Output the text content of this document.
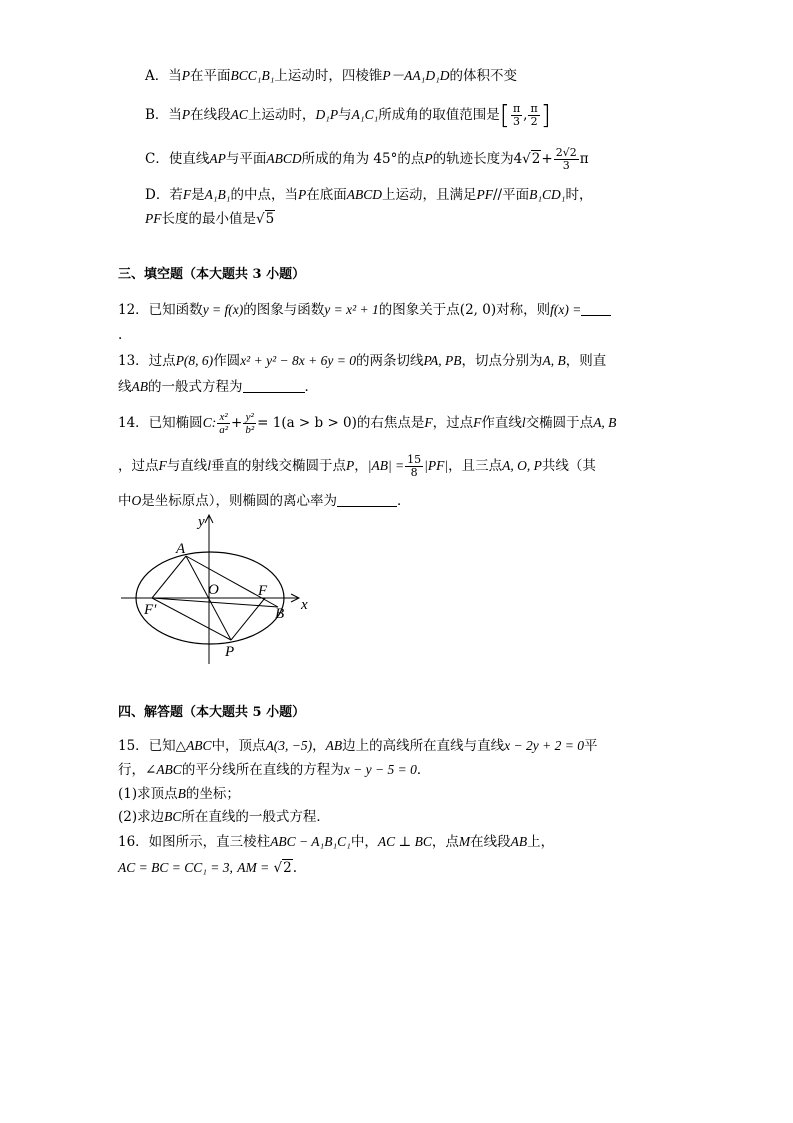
A．当P在平面BCC₁B₁上运动时，四棱锥P－AA₁D₁D的体积不变
B．当P在线段AC上运动时，D₁P与A₁C₁所成角的取值范围是[ $\frac{\pi}{3}$ , $\frac{\pi}{2}$ ]
C．使直线AP与平面ABCD所成的角为 45°的点P的轨迹长度为$4√2+ \frac{2√2}{3}$ π
D．若F是A₁B₁的中点，当P在底面ABCD上运动，且满足PF//平面B₁CD₁时，
PF长度的最小值是√5
三、填空题（本大题共 3 小题）
12．已知函数y = f(x)的图象与函数y = x² + 1的图象关于点(2, 0)对称，则f(x) =
.
13．过点P(8, 6)作圆x² + y² − 8x + 6y = 0的两条切线PA, PB，切点分别为A, B，则直
线AB的一般式方程为	．
14．已知椭圆C: $\frac{\text{x²}}{\text{a²}} + \frac{\text{y²}}{\text{b²}} = 1(a > b > 0)$的右焦点是F，过点F作直线l交椭圆于点A, B
，过点F与直线l垂直的射线交椭圆于点P，$|AB| = \frac{15}{8} |PF|$，且三点A, O, P共线（其
中O是坐标原点），则椭圆的离心率为	．
y
x
A
O	F
F′	B
P
四、解答题（本大题共 5 小题）
15．已知△ABC中，顶点A(3, −5)，AB边上的高线所在直线与直线x − 2y + 2 = 0平
行，∠ABC的平分线所在直线的方程为x − y − 5 = 0．
(1)求顶点B的坐标；
(2)求边BC所在直线的一般式方程．
16．如图所示，直三棱柱ABC − A₁B₁C₁中，AC ⊥ BC，点M在线段AB上，
AC = BC = CC₁ = 3, AM = √2.
